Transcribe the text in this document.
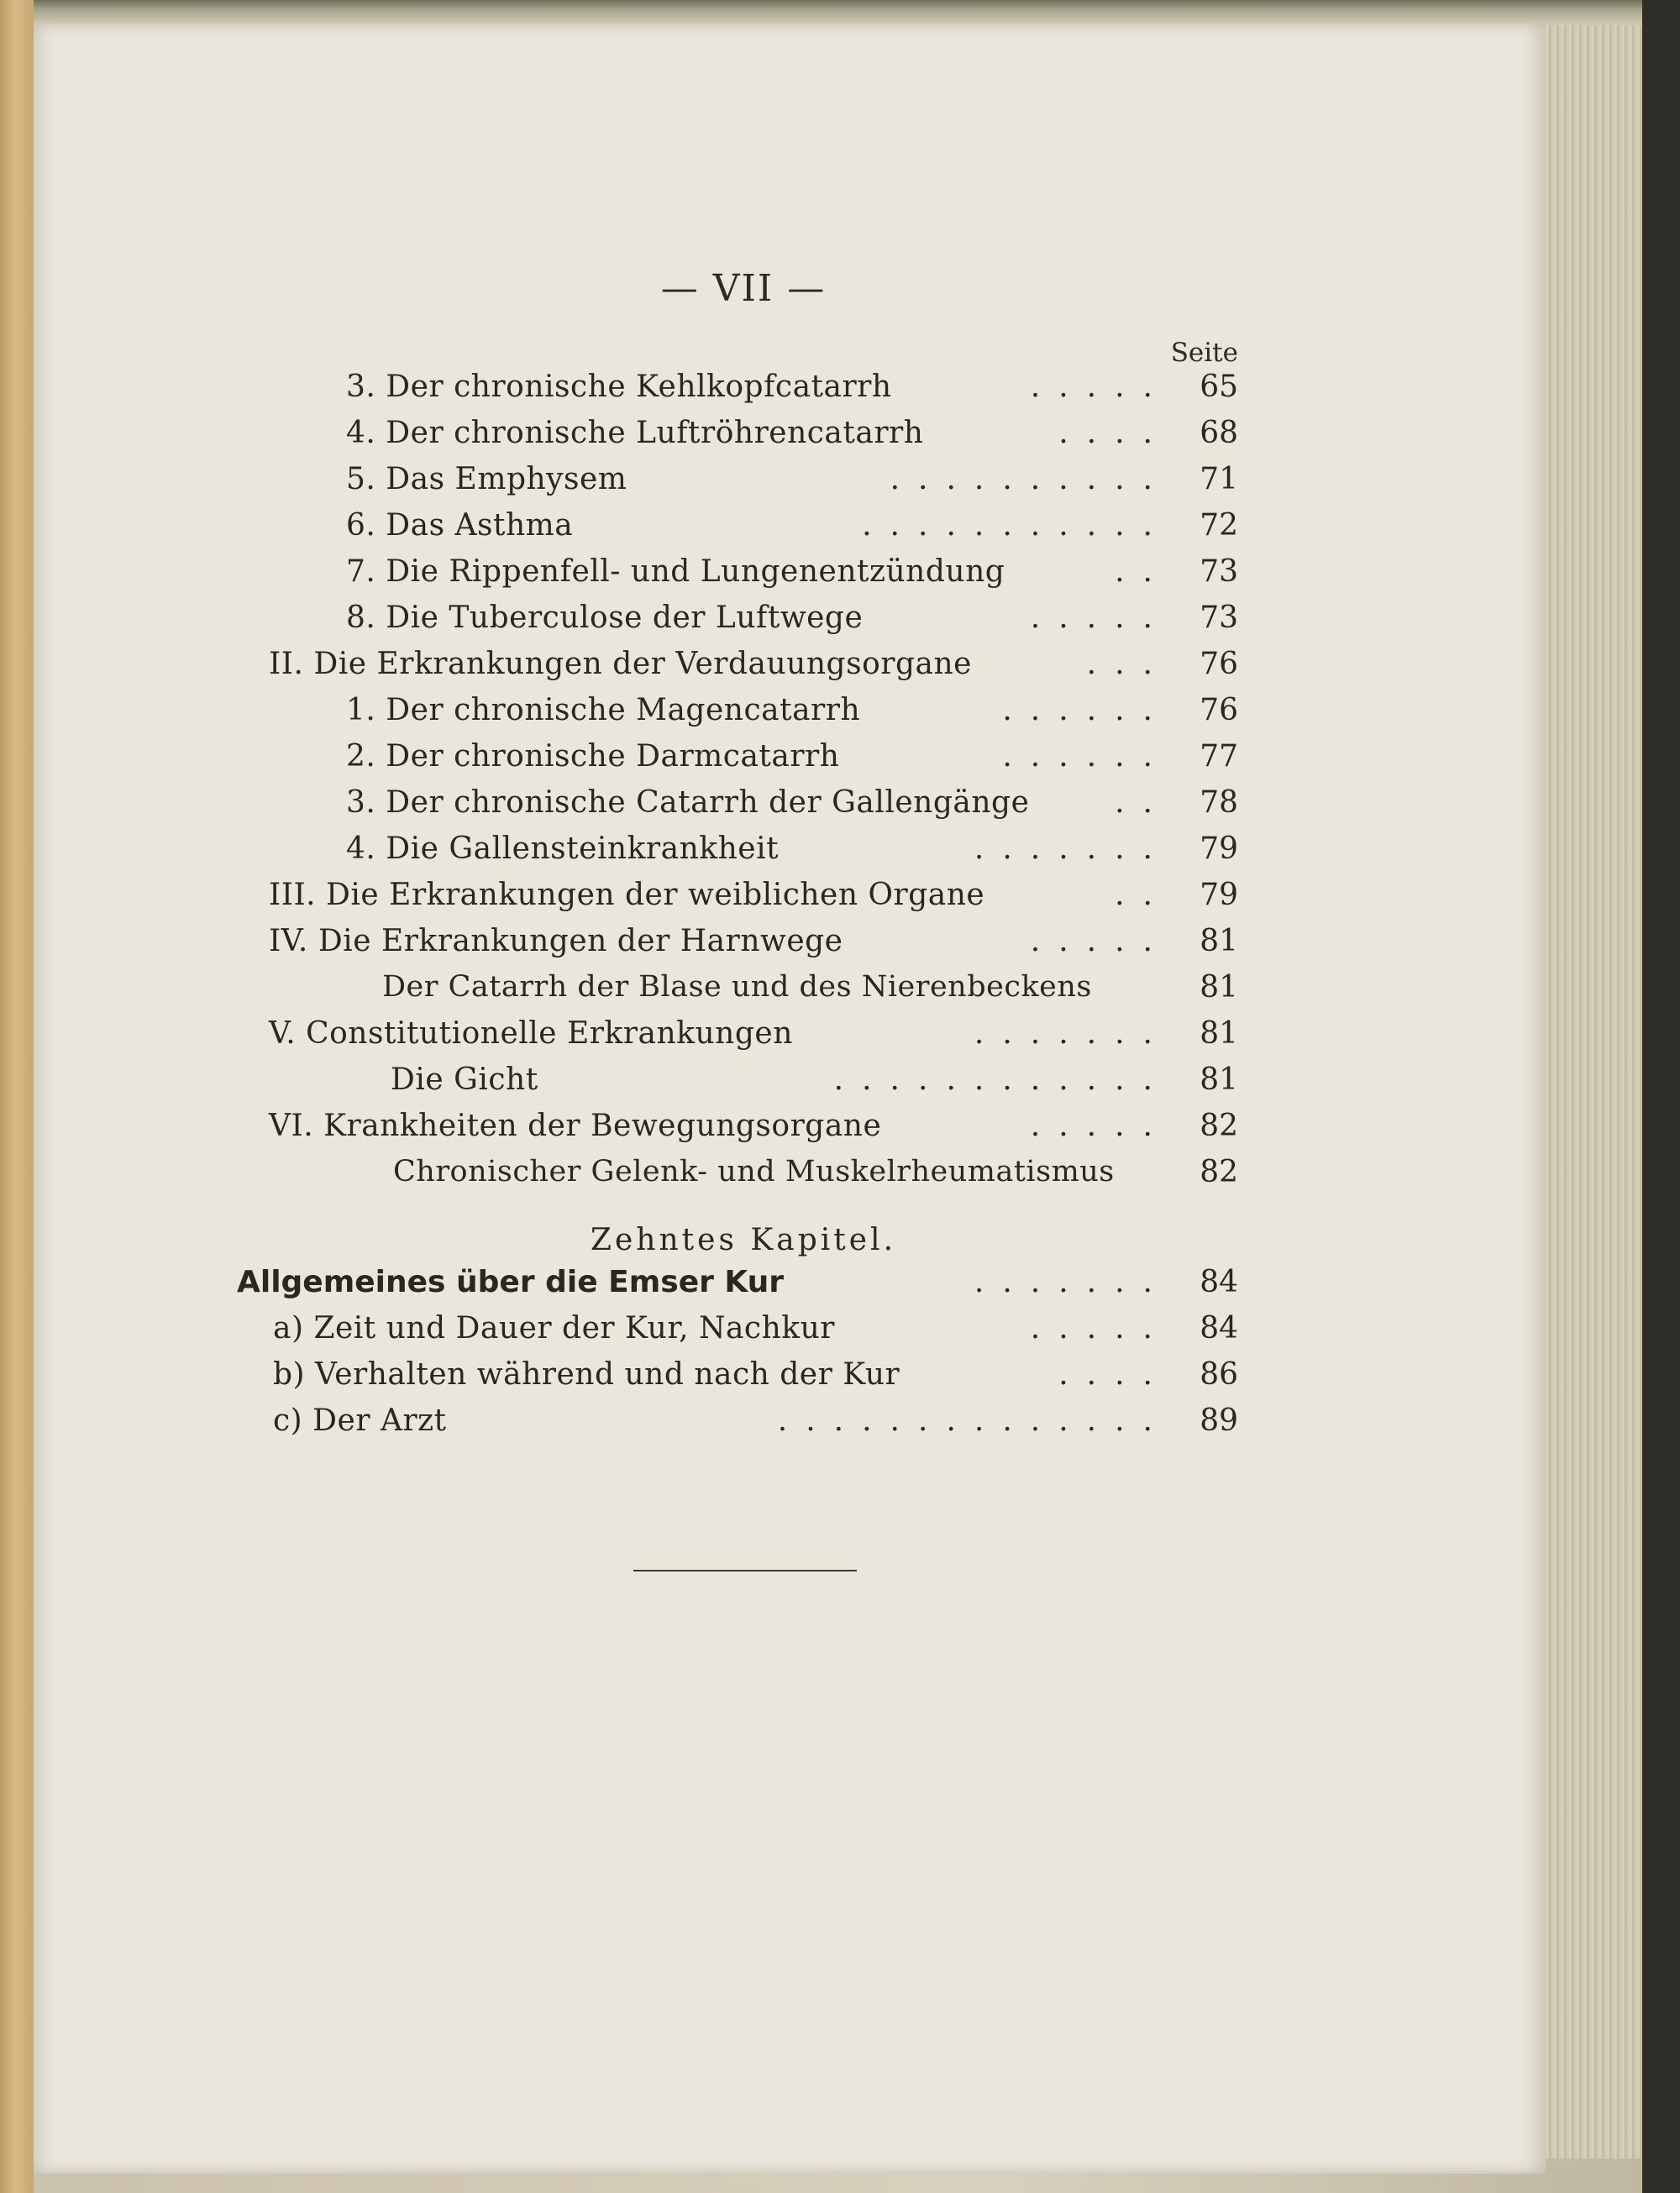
— VII —
Seite
3. Der chronische Kehlkopfcatarrh	..... 65
4. Der chronische Luftröhrencatarrh	.... 68
5. Das Emphysem	.......... 71
6. Das Asthma	........... 72
7. Die Rippenfell- und Lungenentzündung	.. 73
8. Die Tuberculose der Luftwege	..... 73
II. Die Erkrankungen der Verdauungsorgane	... 76
1. Der chronische Magencatarrh	...... 76
2. Der chronische Darmcatarrh	...... 77
3. Der chronische Catarrh der Gallengänge	.. 78
4. Die Gallensteinkrankheit	....... 79
III. Die Erkrankungen der weiblichen Organe	.. 79
IV. Die Erkrankungen der Harnwege	..... 81
Der Catarrh der Blase und des Nierenbeckens	81
V. Constitutionelle Erkrankungen	....... 81
Die Gicht	............ 81
VI. Krankheiten der Bewegungsorgane	..... 82
Chronischer Gelenk- und Muskelrheumatismus	82
Zehntes Kapitel.
Allgemeines über die Emser Kur	....... 84
a) Zeit und Dauer der Kur, Nachkur	..... 84
b) Verhalten während und nach der Kur	.... 86
c) Der Arzt	.............. 89
